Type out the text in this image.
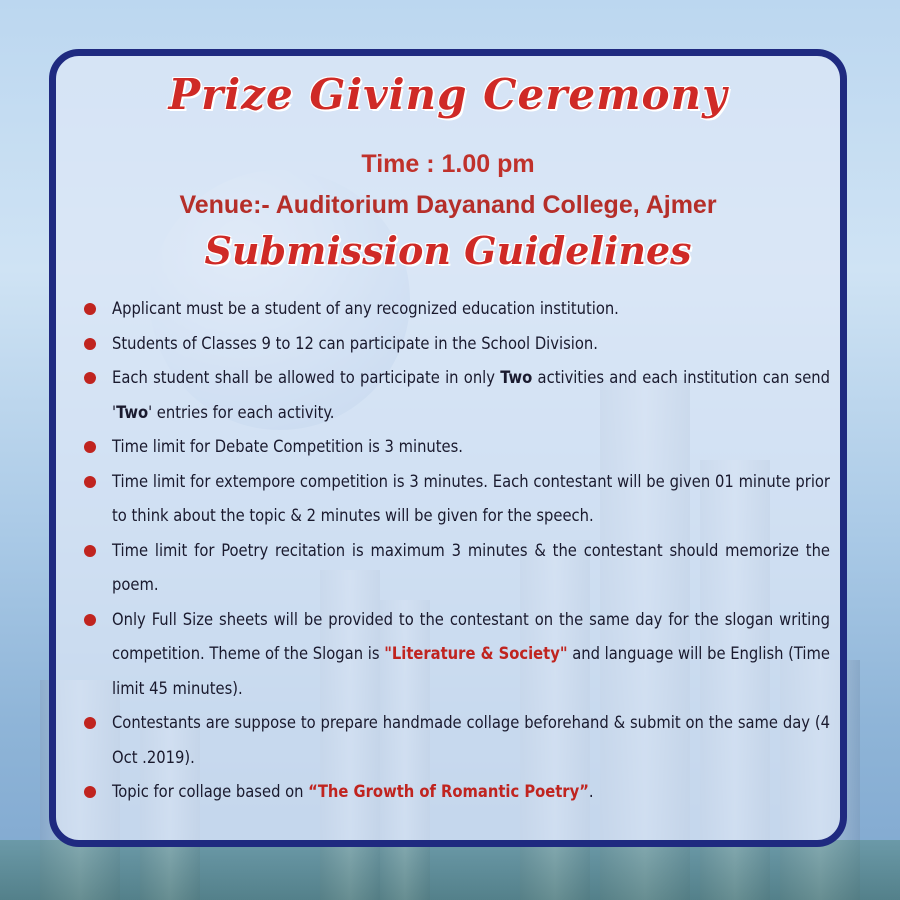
Prize Giving Ceremony
Time : 1.00 pm
Venue:- Auditorium Dayanand College, Ajmer
Submission Guidelines
Applicant must be a student of any recognized education institution.
Students of Classes 9 to 12 can participate in the School Division.
Each student shall be allowed to participate in only Two activities and each institution can send 'Two' entries for each activity.
Time limit for Debate Competition is 3 minutes.
Time limit for extempore competition is 3 minutes. Each contestant will be given 01 minute prior to think about the topic & 2 minutes will be given for the speech.
Time limit for Poetry recitation is maximum 3 minutes & the contestant should memorize the poem.
Only Full Size sheets will be provided to the contestant on the same day for the slogan writing competition. Theme of the Slogan is "Literature & Society" and language will be English (Time limit 45 minutes).
Contestants are suppose to prepare handmade collage beforehand & submit on the same day (4 Oct .2019).
Topic for collage based on “The Growth of Romantic Poetry”.
